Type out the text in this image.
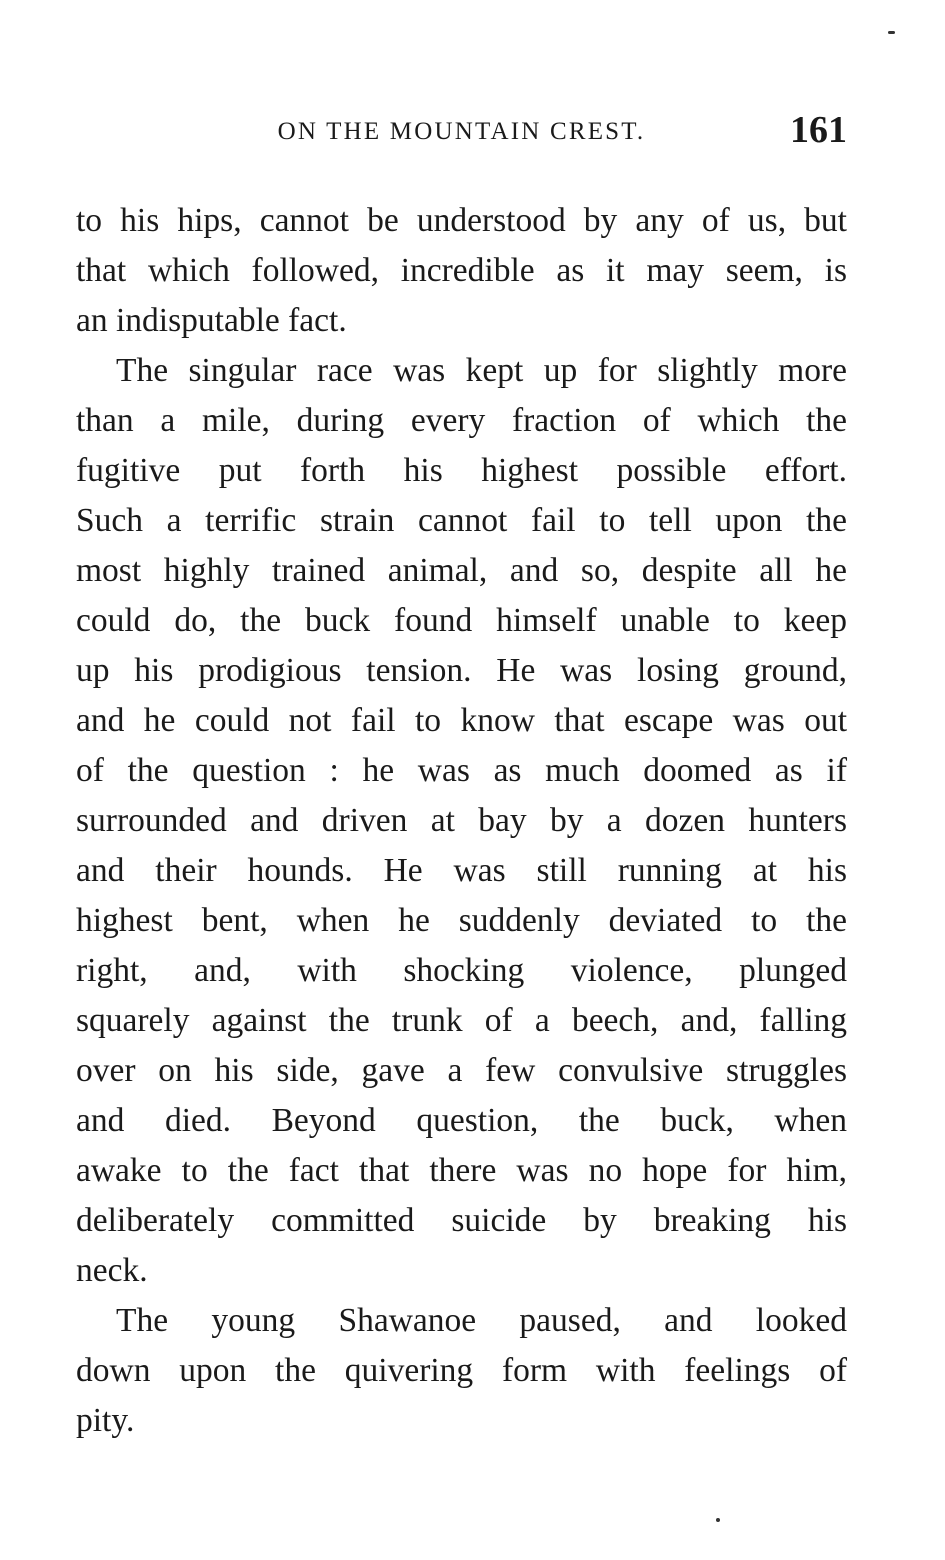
ON THE MOUNTAIN CREST.	161
to his hips, cannot be understood by any of us, but
that which followed, incredible as it may seem, is
an indisputable fact.
The singular race was kept up for slightly more
than a mile, during every fraction of which the
fugitive put forth his highest possible effort.
Such a terrific strain cannot fail to tell upon the
most highly trained animal, and so, despite all he
could do, the buck found himself unable to keep
up his prodigious tension. He was losing ground,
and he could not fail to know that escape was out
of the question : he was as much doomed as if
surrounded and driven at bay by a dozen hunters
and their hounds. He was still running at his
highest bent, when he suddenly deviated to the
right, and, with shocking violence, plunged
squarely against the trunk of a beech, and, falling
over on his side, gave a few convulsive struggles
and died. Beyond question, the buck, when
awake to the fact that there was no hope for him,
deliberately committed suicide by breaking his
neck.
The young Shawanoe paused, and looked
down upon the quivering form with feelings of
pity.
